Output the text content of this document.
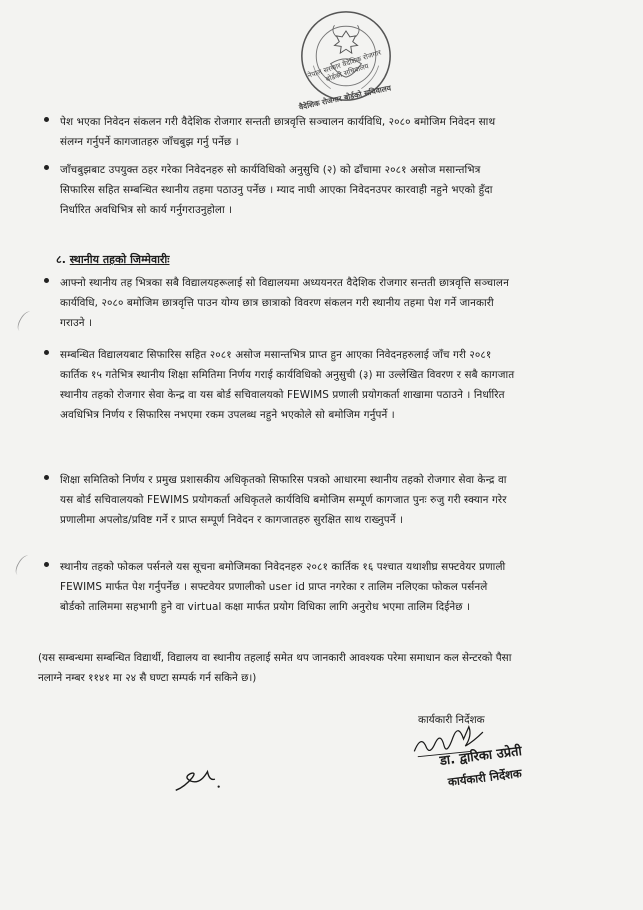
नेपाल सरकार वैदेशिक रोजगार बोर्डको सचिवालय
वैदेशिक रोजगार बोर्डको सचिवालय
पेश भएका निवेदन संकलन गरी वैदेशिक रोजगार सन्तती छात्रवृत्ति सञ्चालन कार्यविधि, २०८० बमोजिम निवेदन साथ संलग्न गर्नुपर्ने कागजातहरु जाँचबुझ गर्नु पर्नेछ ।
जाँचबुझबाट उपयुक्त ठहर गरेका निवेदनहरु सो कार्यविधिको अनुसुचि (२) को ढाँचामा २०८१ असोज मसान्तभित्र सिफारिस सहित सम्बन्धित स्थानीय तहमा पठाउनु पर्नेछ । म्याद नाघी आएका निवेदनउपर कारवाही नहुने भएको हुँदा निर्धारित अवधिभित्र सो कार्य गर्नुगराउनुहोला ।
८. स्थानीय तहको जिम्मेवारीः
आफ्नो स्थानीय तह भित्रका सबै विद्यालयहरूलाई सो विद्यालयमा अध्ययनरत वैदेशिक रोजगार सन्तती छात्रवृत्ति सञ्चालन कार्यविधि, २०८० बमोजिम छात्रवृत्ति पाउन योग्य छात्र छात्राको विवरण संकलन गरी स्थानीय तहमा पेश गर्ने जानकारी गराउने ।
सम्बन्धित विद्यालयबाट सिफारिस सहित २०८१ असोज मसान्तभित्र प्राप्त हुन आएका निवेदनहरुलाई जाँच गरी २०८१ कार्तिक १५ गतेभित्र स्थानीय शिक्षा समितिमा निर्णय गराई कार्यविधिको अनुसुची (३) मा उल्लेखित विवरण र सबै कागजात स्थानीय तहको रोजगार सेवा केन्द्र वा यस बोर्ड सचिवालयको FEWIMS प्रणाली प्रयोगकर्ता शाखामा पठाउने । निर्धारित अवधिभित्र निर्णय र सिफारिस नभएमा रकम उपलब्ध नहुने भएकोले सो बमोजिम गर्नुपर्ने ।
शिक्षा समितिको निर्णय र प्रमुख प्रशासकीय अधिकृतको सिफारिस पत्रको आधारमा स्थानीय तहको रोजगार सेवा केन्द्र वा यस बोर्ड सचिवालयको FEWIMS प्रयोगकर्ता अधिकृतले कार्यविधि बमोजिम सम्पूर्ण कागजात पुनः रुजु गरी स्क्यान गरेर प्रणालीमा अपलोड/प्रविष्ट गर्ने र प्राप्त सम्पूर्ण निवेदन र कागजातहरु सुरक्षित साथ राख्नुपर्ने ।
स्थानीय तहको फोकल पर्सनले यस सूचना बमोजिमका निवेदनहरु २०८१ कार्तिक १६ पश्चात यथाशीघ्र सफ्टवेयर प्रणाली FEWIMS मार्फत पेश गर्नुपर्नेछ । सफ्टवेयर प्रणालीको user id प्राप्त नगरेका र तालिम नलिएका फोकल पर्सनले बोर्डको तालिममा सहभागी हुने वा virtual कक्षा मार्फत प्रयोग विधिका लागि अनुरोध भएमा तालिम दिईनेछ ।
(यस सम्बन्धमा सम्बन्धित विद्यार्थी, विद्यालय वा स्थानीय तहलाई समेत थप जानकारी आवश्यक परेमा समाधान कल सेन्टरको पैसा नलाग्ने नम्बर ११४१ मा २४ सै घण्टा सम्पर्क गर्न सकिने छ।)
कार्यकारी निर्देशक
डा. द्वारिका उप्रेती
कार्यकारी निर्देशक
